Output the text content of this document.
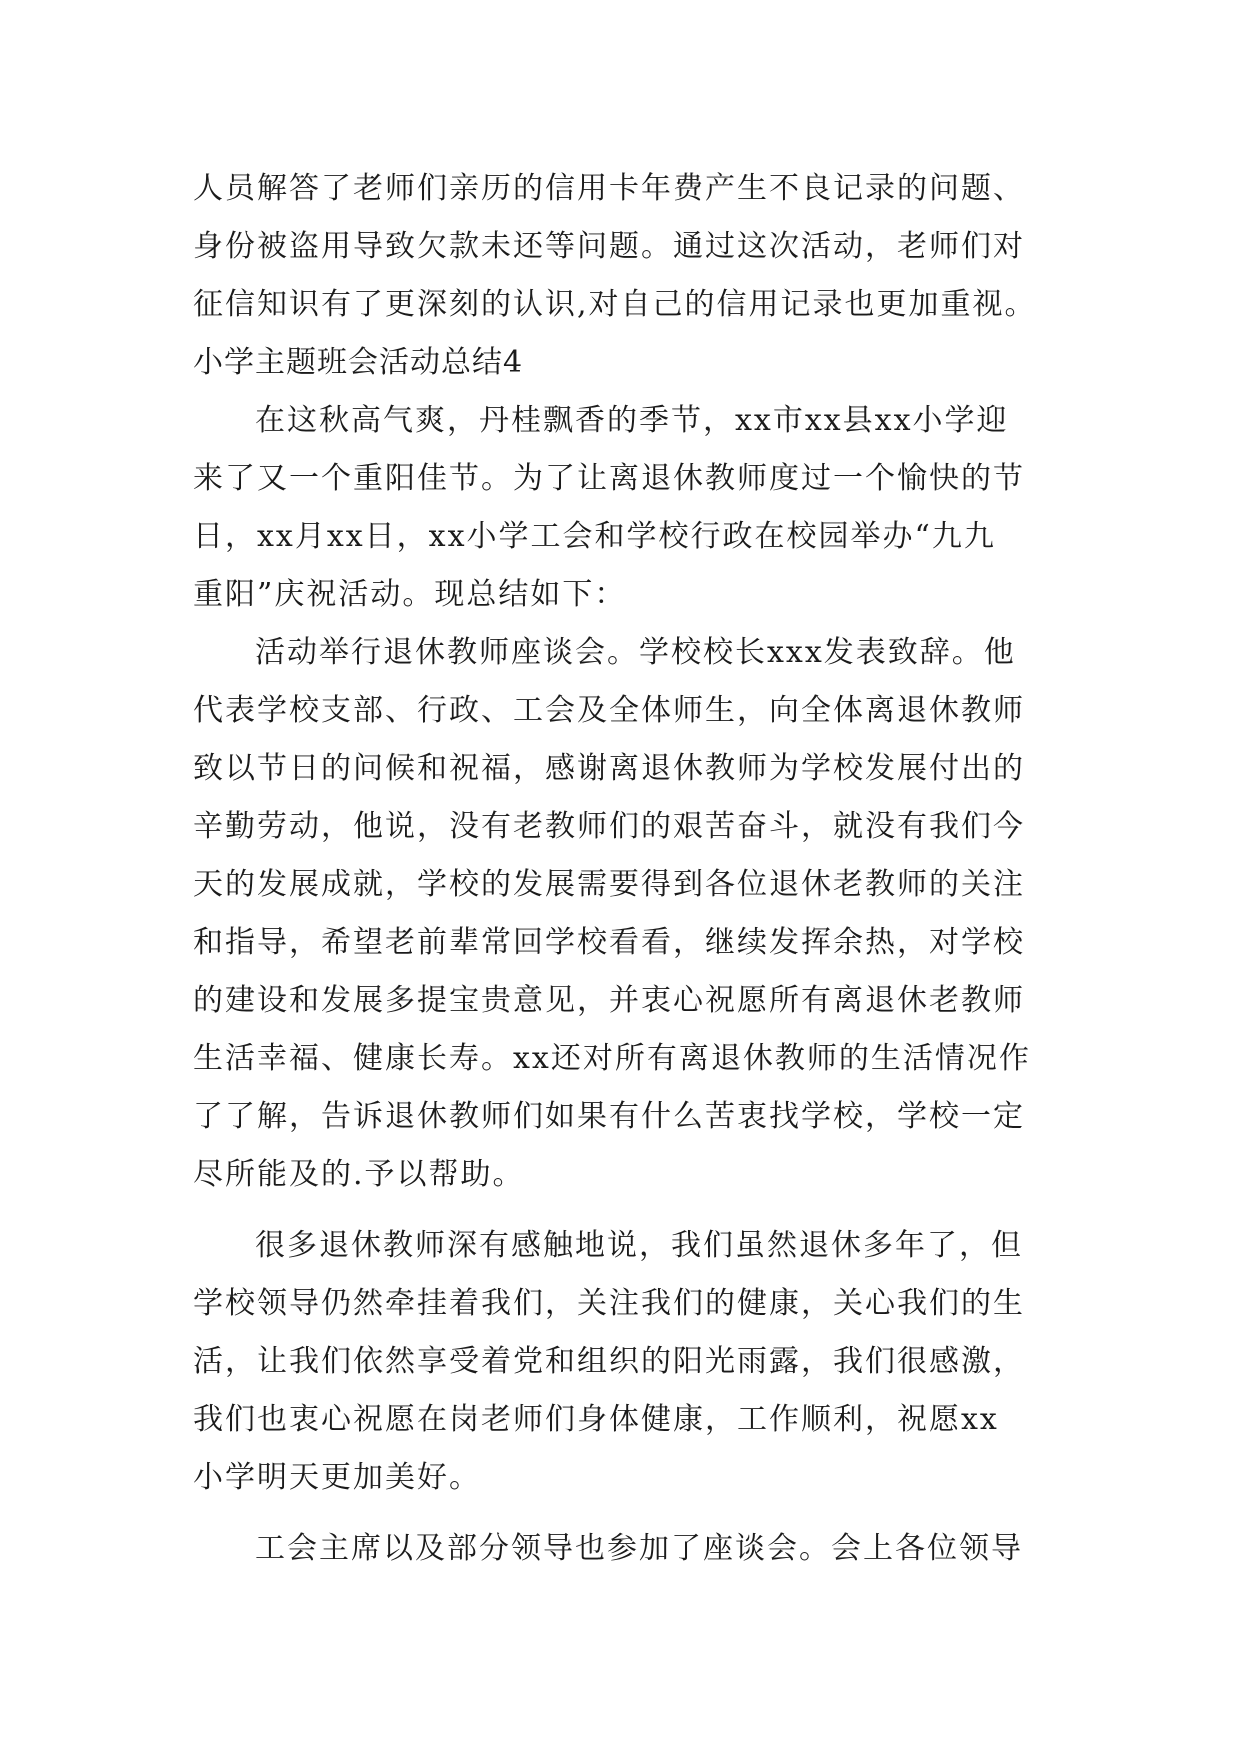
人员解答了老师们亲历的信用卡年费产生不良记录的问题、
身份被盗用导致欠款未还等问题。通过这次活动，老师们对
征信知识有了更深刻的认识,对自己的信用记录也更加重视。
小学主题班会活动总结4
在这秋高气爽，丹桂飘香的季节，xx市xx县xx小学迎
来了又一个重阳佳节。为了让离退休教师度过一个愉快的节
日，xx月xx日，xx小学工会和学校行政在校园举办“九九
重阳”庆祝活动。现总结如下：
活动举行退休教师座谈会。学校校长xxx发表致辞。他
代表学校支部、行政、工会及全体师生，向全体离退休教师
致以节日的问候和祝福，感谢离退休教师为学校发展付出的
辛勤劳动，他说，没有老教师们的艰苦奋斗，就没有我们今
天的发展成就，学校的发展需要得到各位退休老教师的关注
和指导，希望老前辈常回学校看看，继续发挥余热，对学校
的建设和发展多提宝贵意见，并衷心祝愿所有离退休老教师
生活幸福、健康长寿。xx还对所有离退休教师的生活情况作
了了解，告诉退休教师们如果有什么苦衷找学校，学校一定
尽所能及的.予以帮助。
很多退休教师深有感触地说，我们虽然退休多年了，但
学校领导仍然牵挂着我们，关注我们的健康，关心我们的生
活，让我们依然享受着党和组织的阳光雨露，我们很感激，
我们也衷心祝愿在岗老师们身体健康，工作顺利，祝愿xx
小学明天更加美好。
工会主席以及部分领导也参加了座谈会。会上各位领导
